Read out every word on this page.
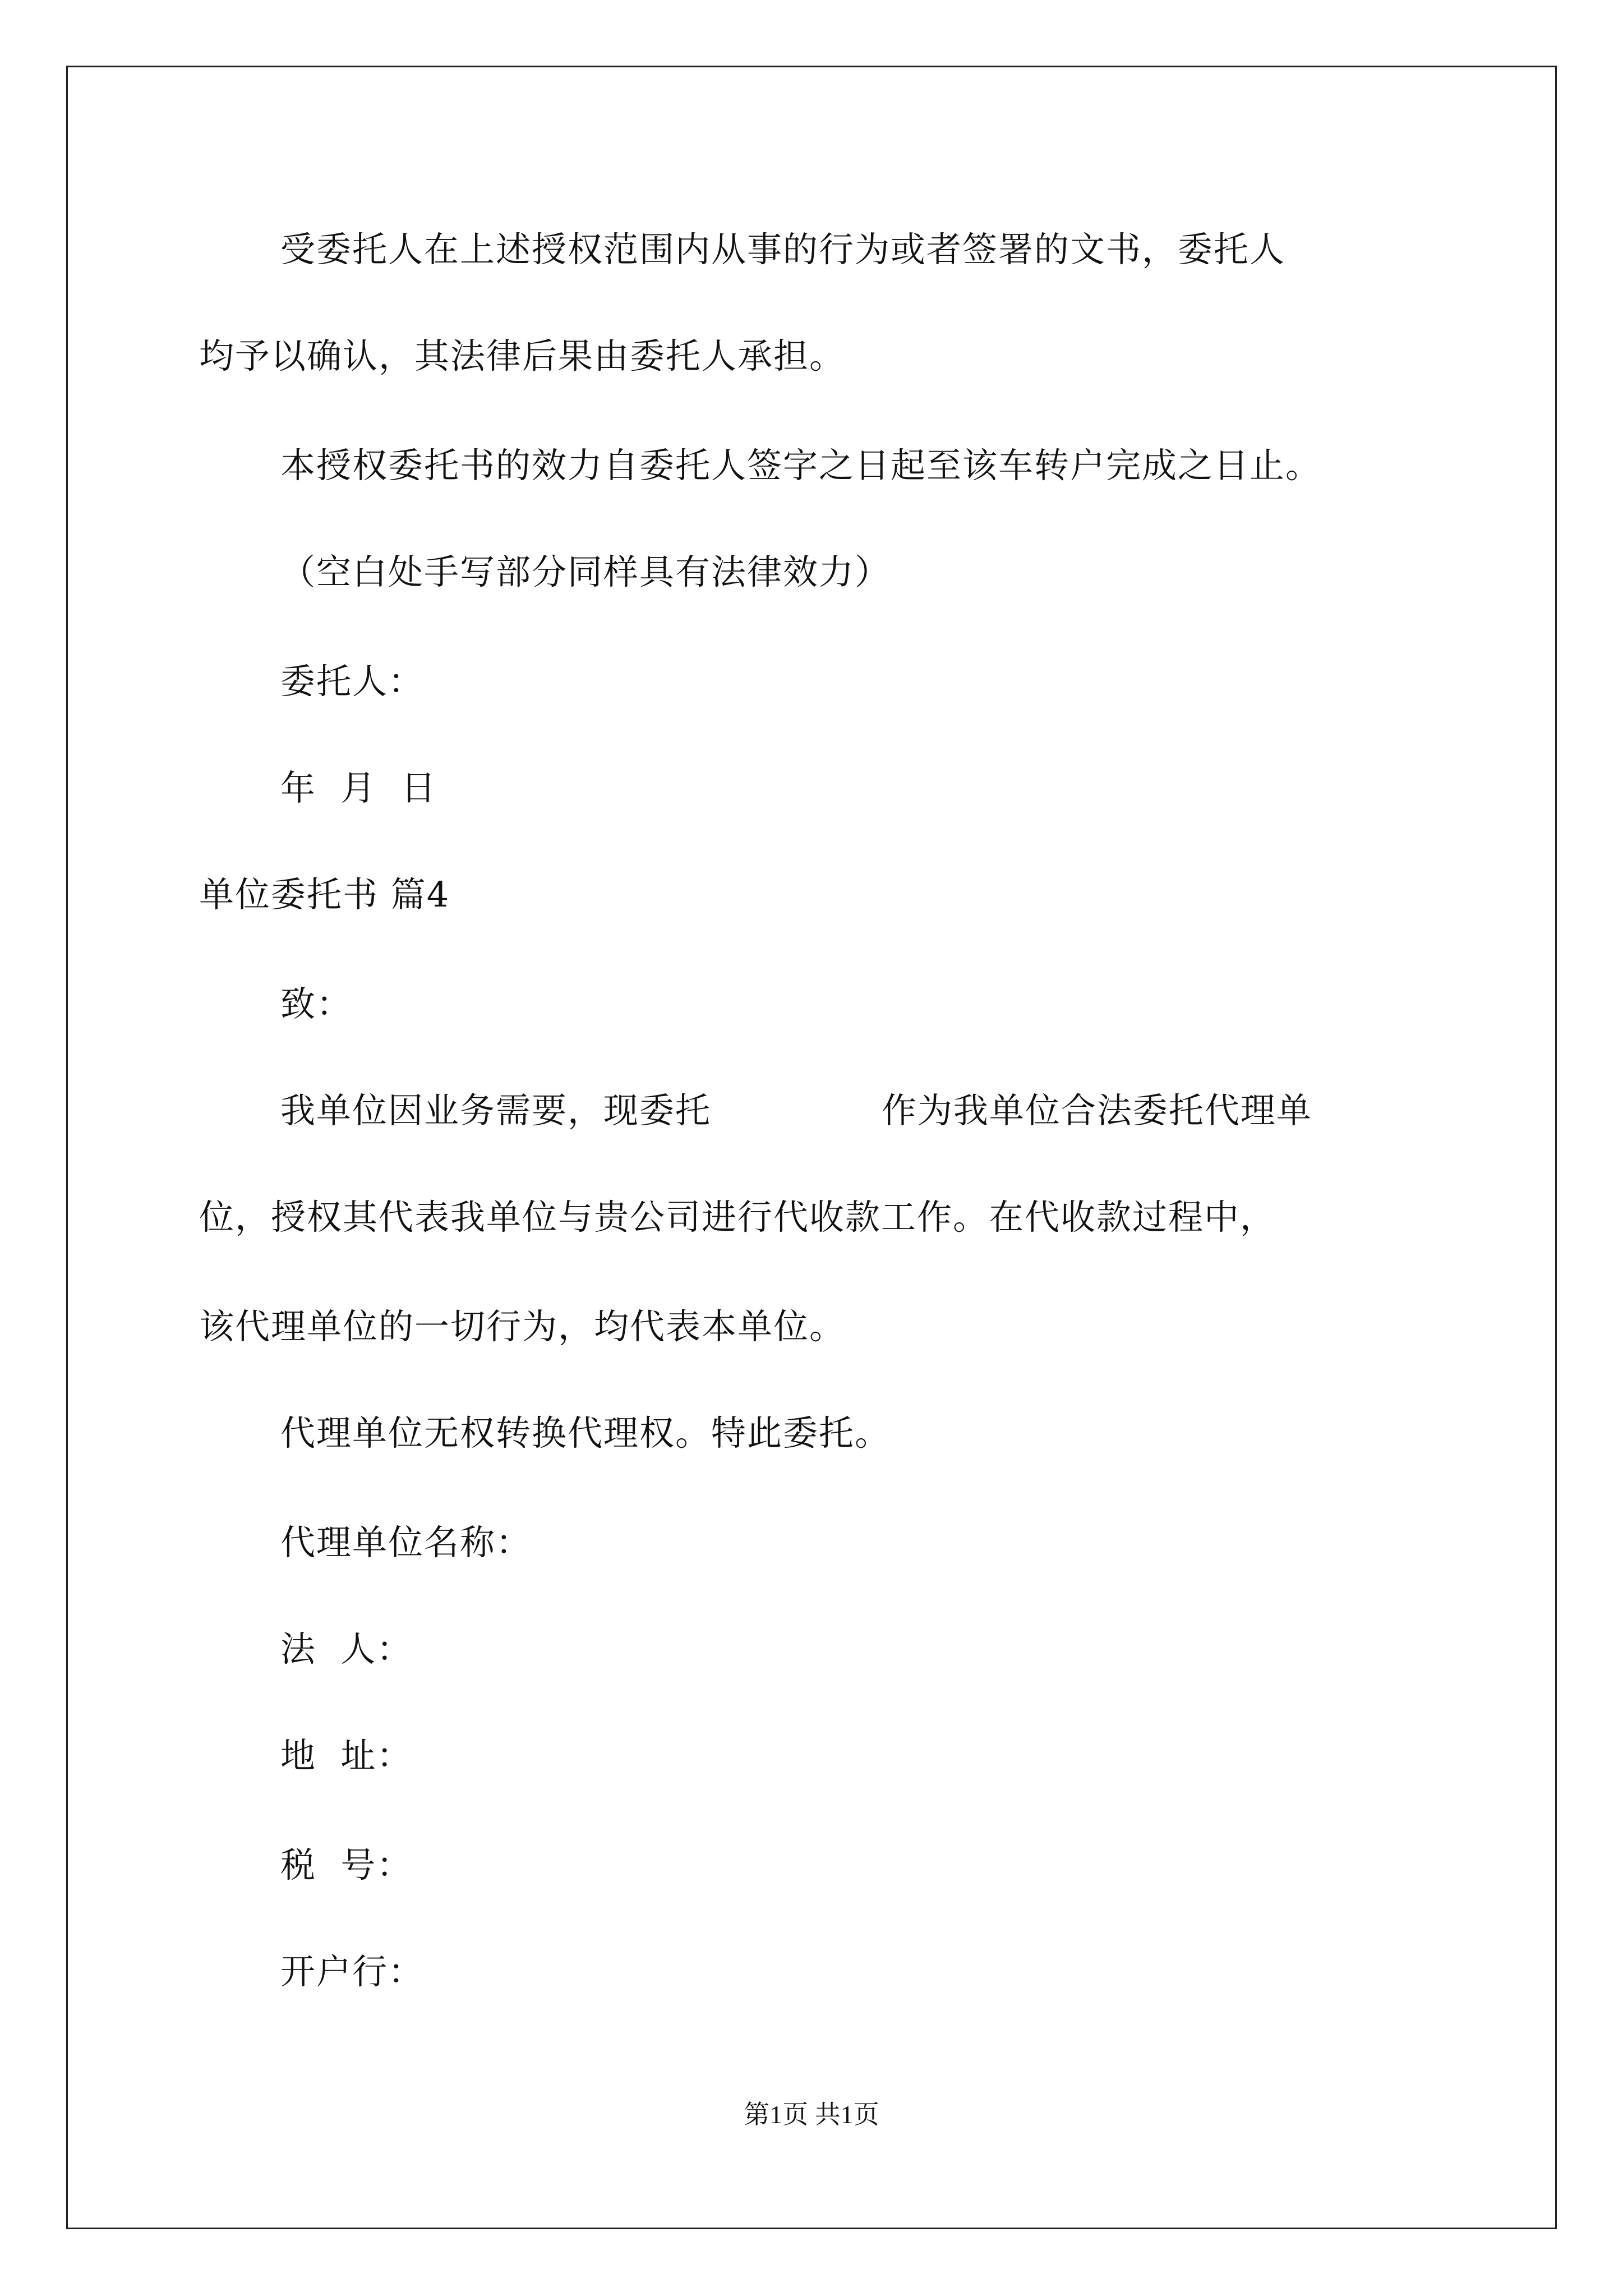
受委托人在上述授权范围内从事的行为或者签署的文书，委托人
均予以确认，其法律后果由委托人承担。
本授权委托书的效力自委托人签字之日起至该车转户完成之日止。
（空白处手写部分同样具有法律效力）
委托人：
年  月  日
单位委托书 篇4
致：
我单位因业务需要，现委托              作为我单位合法委托代理单
位，授权其代表我单位与贵公司进行代收款工作。在代收款过程中，
该代理单位的一切行为，均代表本单位。
代理单位无权转换代理权。特此委托。
代理单位名称：
法  人：
地  址：
税  号：
开户行：
第1页 共1页
